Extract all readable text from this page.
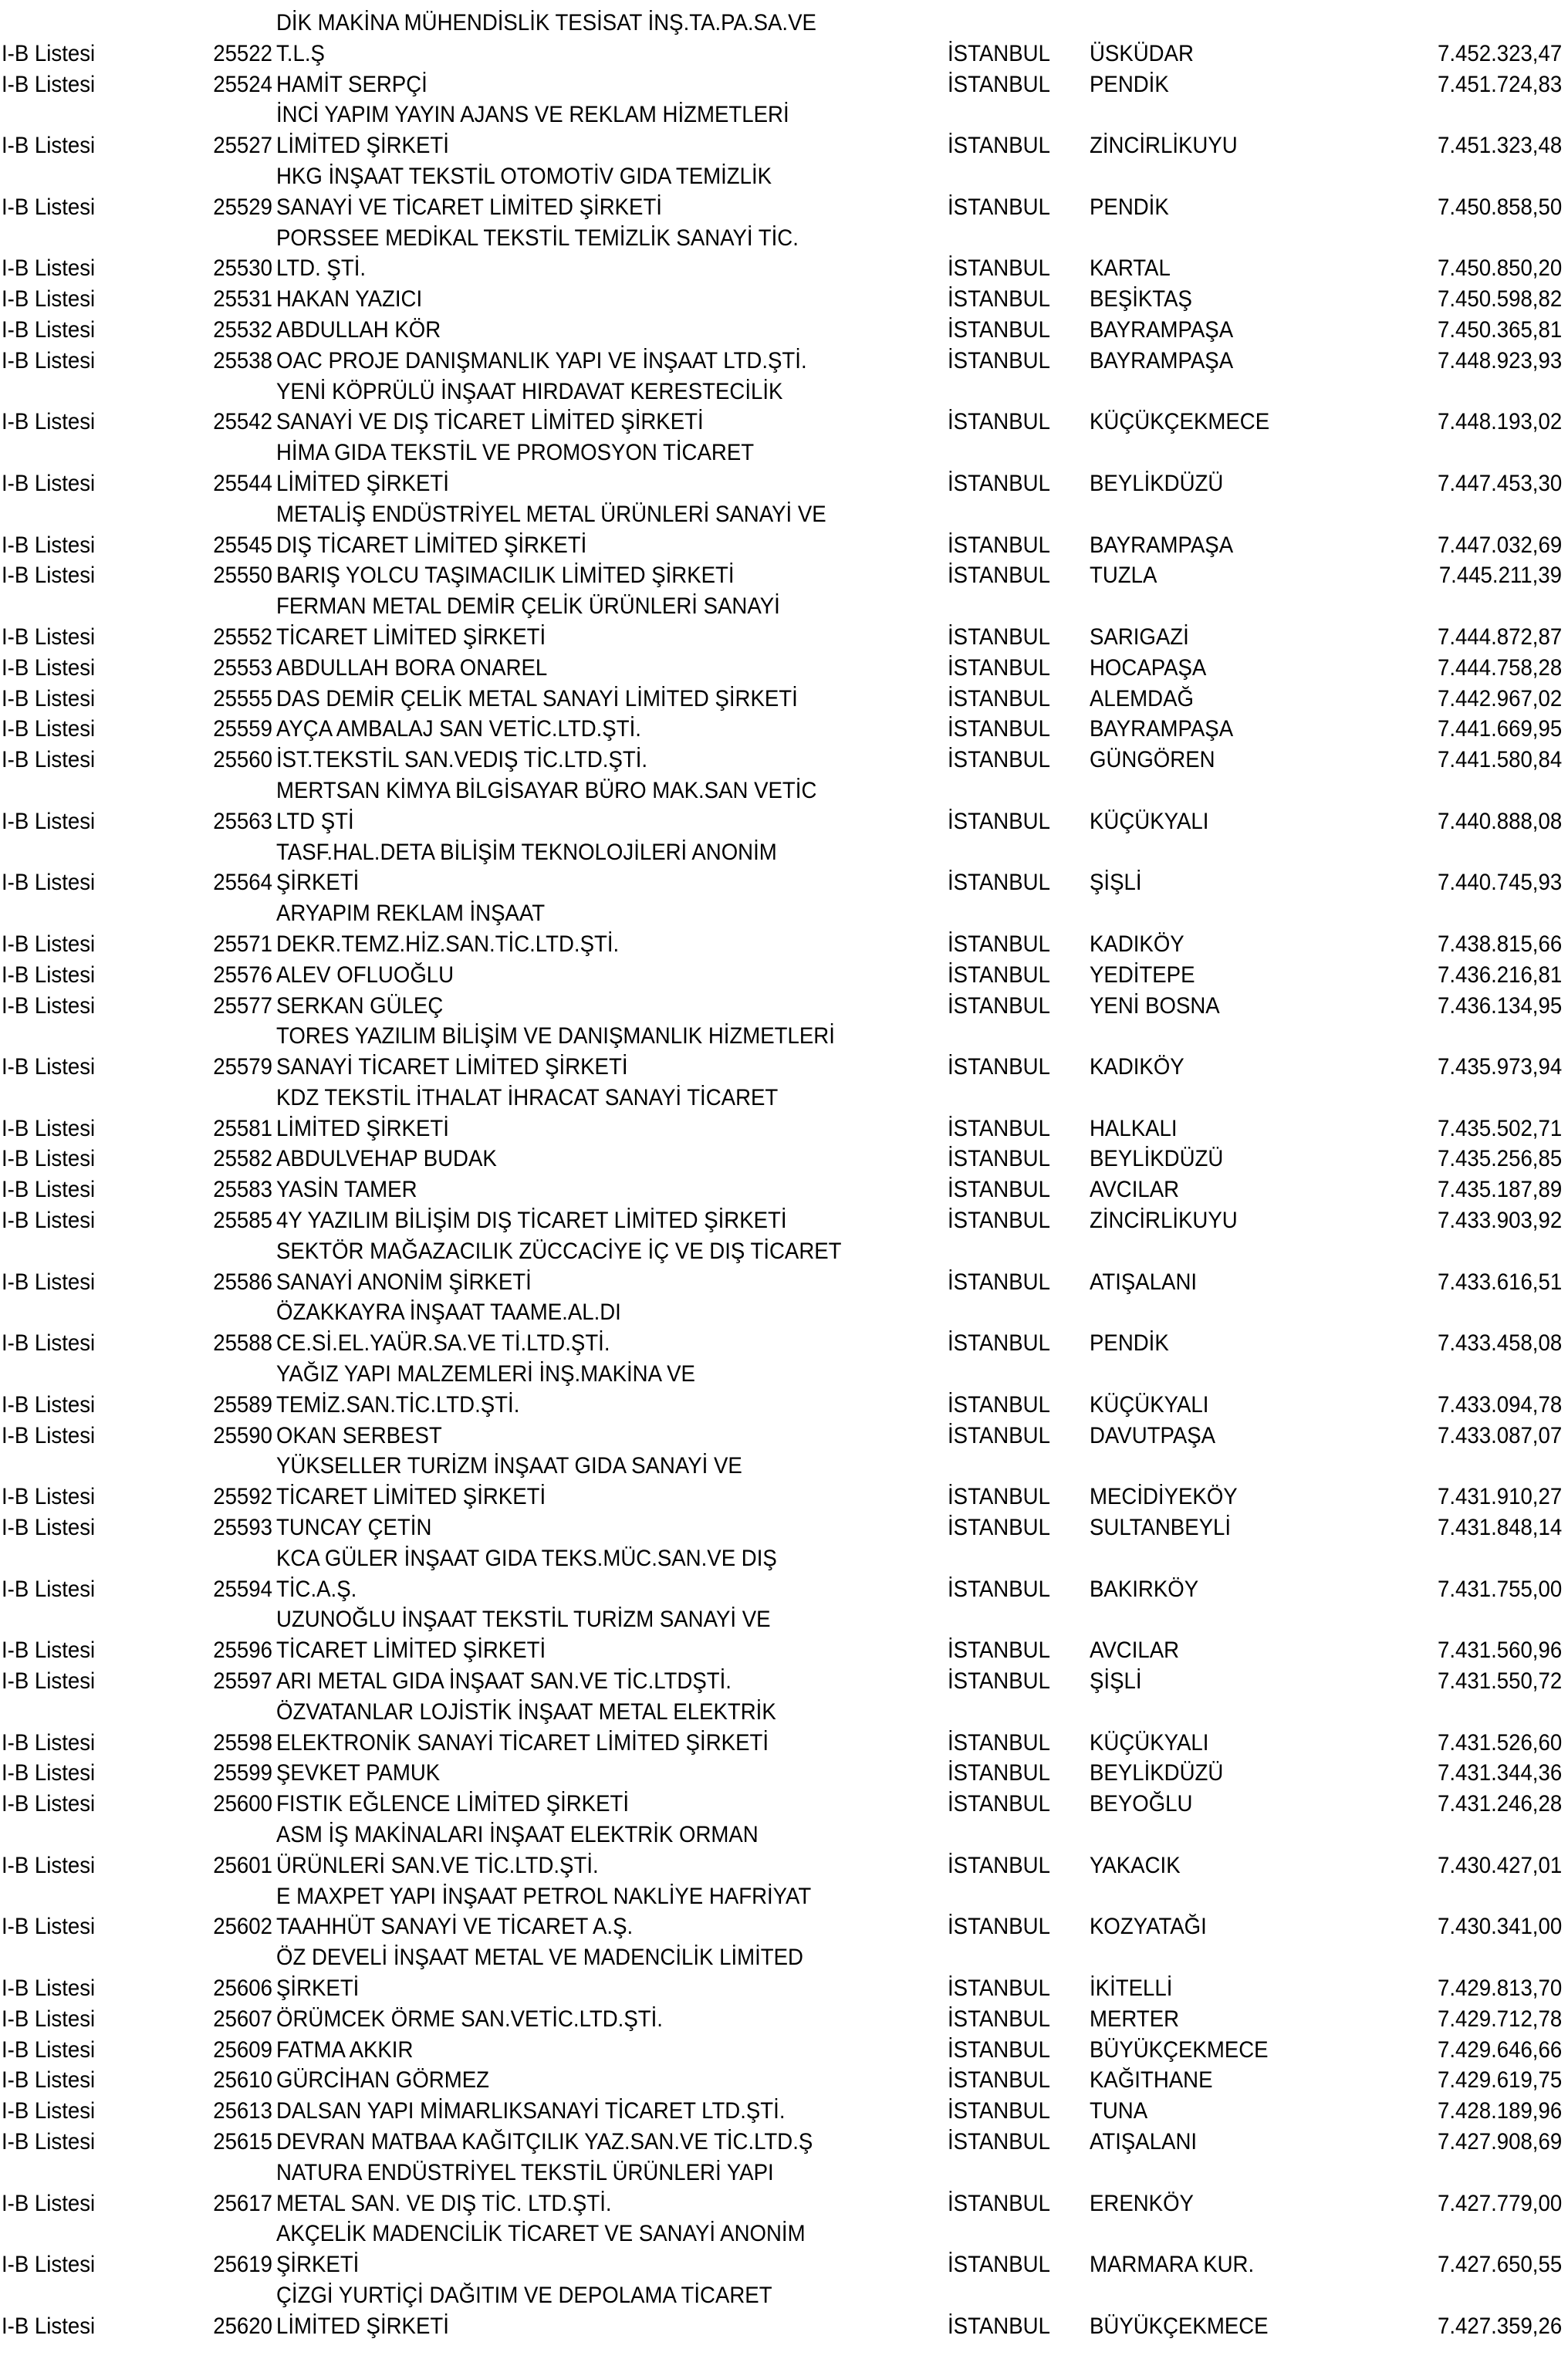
DİK MAKİNA MÜHENDİSLİK TESİSAT İNŞ.TA.PA.SA.VE
I-B Listesi	25522 T.L.Ş	İSTANBUL ÜSKÜDAR	7.452.323,47
I-B Listesi	25524 HAMİT SERPÇİ	İSTANBUL PENDİK	7.451.724,83
İNCİ YAPIM YAYIN AJANS VE REKLAM HİZMETLERİ
I-B Listesi	25527 LİMİTED ŞİRKETİ	İSTANBUL ZİNCİRLİKUYU	7.451.323,48
HKG İNŞAAT TEKSTİL OTOMOTİV GIDA TEMİZLİK
I-B Listesi	25529 SANAYİ VE TİCARET LİMİTED ŞİRKETİ	İSTANBUL PENDİK	7.450.858,50
PORSSEE MEDİKAL TEKSTİL TEMİZLİK SANAYİ TİC.
I-B Listesi	25530 LTD. ŞTİ.	İSTANBUL KARTAL	7.450.850,20
I-B Listesi	25531 HAKAN YAZICI	İSTANBUL BEŞİKTAŞ	7.450.598,82
I-B Listesi	25532 ABDULLAH KÖR	İSTANBUL BAYRAMPAŞA	7.450.365,81
I-B Listesi	25538 OAC PROJE DANIŞMANLIK YAPI VE İNŞAAT LTD.ŞTİ.	İSTANBUL BAYRAMPAŞA	7.448.923,93
YENİ KÖPRÜLÜ İNŞAAT HIRDAVAT KERESTECİLİK
I-B Listesi	25542 SANAYİ VE DIŞ TİCARET LİMİTED ŞİRKETİ	İSTANBUL KÜÇÜKÇEKMECE	7.448.193,02
HİMA GIDA TEKSTİL VE PROMOSYON TİCARET
I-B Listesi	25544 LİMİTED ŞİRKETİ	İSTANBUL BEYLİKDÜZÜ	7.447.453,30
METALİŞ ENDÜSTRİYEL METAL ÜRÜNLERİ SANAYİ VE
I-B Listesi	25545 DIŞ TİCARET LİMİTED ŞİRKETİ	İSTANBUL BAYRAMPAŞA	7.447.032,69
I-B Listesi	25550 BARIŞ YOLCU TAŞIMACILIK LİMİTED ŞİRKETİ	İSTANBUL TUZLA	7.445.211,39
FERMAN METAL DEMİR ÇELİK ÜRÜNLERİ SANAYİ
I-B Listesi	25552 TİCARET LİMİTED ŞİRKETİ	İSTANBUL SARIGAZİ	7.444.872,87
I-B Listesi	25553 ABDULLAH BORA ONAREL	İSTANBUL HOCAPAŞA	7.444.758,28
I-B Listesi	25555 DAS DEMİR ÇELİK METAL SANAYİ LİMİTED ŞİRKETİ	İSTANBUL ALEMDAĞ	7.442.967,02
I-B Listesi	25559 AYÇA AMBALAJ SAN VETİC.LTD.ŞTİ.	İSTANBUL BAYRAMPAŞA	7.441.669,95
I-B Listesi	25560 İST.TEKSTİL SAN.VEDIŞ TİC.LTD.ŞTİ.	İSTANBUL GÜNGÖREN	7.441.580,84
MERTSAN KİMYA BİLGİSAYAR BÜRO MAK.SAN VETİC
I-B Listesi	25563 LTD ŞTİ	İSTANBUL KÜÇÜKYALI	7.440.888,08
TASF.HAL.DETA BİLİŞİM TEKNOLOJİLERİ ANONİM
I-B Listesi	25564 ŞİRKETİ	İSTANBUL ŞİŞLİ	7.440.745,93
ARYAPIM REKLAM İNŞAAT
I-B Listesi	25571 DEKR.TEMZ.HİZ.SAN.TİC.LTD.ŞTİ.	İSTANBUL KADIKÖY	7.438.815,66
I-B Listesi	25576 ALEV OFLUOĞLU	İSTANBUL YEDİTEPE	7.436.216,81
I-B Listesi	25577 SERKAN GÜLEÇ	İSTANBUL YENİ BOSNA	7.436.134,95
TORES YAZILIM BİLİŞİM VE DANIŞMANLIK HİZMETLERİ
I-B Listesi	25579 SANAYİ TİCARET LİMİTED ŞİRKETİ	İSTANBUL KADIKÖY	7.435.973,94
KDZ TEKSTİL İTHALAT İHRACAT SANAYİ TİCARET
I-B Listesi	25581 LİMİTED ŞİRKETİ	İSTANBUL HALKALI	7.435.502,71
I-B Listesi	25582 ABDULVEHAP BUDAK	İSTANBUL BEYLİKDÜZÜ	7.435.256,85
I-B Listesi	25583 YASİN TAMER	İSTANBUL AVCILAR	7.435.187,89
I-B Listesi	25585 4Y YAZILIM BİLİŞİM DIŞ TİCARET LİMİTED ŞİRKETİ	İSTANBUL ZİNCİRLİKUYU	7.433.903,92
SEKTÖR MAĞAZACILIK ZÜCCACİYE İÇ VE DIŞ TİCARET
I-B Listesi	25586 SANAYİ ANONİM ŞİRKETİ	İSTANBUL ATIŞALANI	7.433.616,51
ÖZAKKAYRA İNŞAAT TAAME.AL.DI
I-B Listesi	25588 CE.Sİ.EL.YAÜR.SA.VE Tİ.LTD.ŞTİ.	İSTANBUL PENDİK	7.433.458,08
YAĞIZ YAPI MALZEMLERİ İNŞ.MAKİNA VE
I-B Listesi	25589 TEMİZ.SAN.TİC.LTD.ŞTİ.	İSTANBUL KÜÇÜKYALI	7.433.094,78
I-B Listesi	25590 OKAN SERBEST	İSTANBUL DAVUTPAŞA	7.433.087,07
YÜKSELLER TURİZM İNŞAAT GIDA SANAYİ VE
I-B Listesi	25592 TİCARET LİMİTED ŞİRKETİ	İSTANBUL MECİDİYEKÖY	7.431.910,27
I-B Listesi	25593 TUNCAY ÇETİN	İSTANBUL SULTANBEYLİ	7.431.848,14
KCA GÜLER İNŞAAT GIDA TEKS.MÜC.SAN.VE DIŞ
I-B Listesi	25594 TİC.A.Ş.	İSTANBUL BAKIRKÖY	7.431.755,00
UZUNOĞLU İNŞAAT TEKSTİL TURİZM SANAYİ VE
I-B Listesi	25596 TİCARET LİMİTED ŞİRKETİ	İSTANBUL AVCILAR	7.431.560,96
I-B Listesi	25597 ARI METAL GIDA İNŞAAT SAN.VE TİC.LTDŞTİ.	İSTANBUL ŞİŞLİ	7.431.550,72
ÖZVATANLAR LOJİSTİK İNŞAAT METAL ELEKTRİK
I-B Listesi	25598 ELEKTRONİK SANAYİ TİCARET LİMİTED ŞİRKETİ	İSTANBUL KÜÇÜKYALI	7.431.526,60
I-B Listesi	25599 ŞEVKET PAMUK	İSTANBUL BEYLİKDÜZÜ	7.431.344,36
I-B Listesi	25600 FISTIK EĞLENCE LİMİTED ŞİRKETİ	İSTANBUL BEYOĞLU	7.431.246,28
ASM İŞ MAKİNALARI İNŞAAT ELEKTRİK ORMAN
I-B Listesi	25601 ÜRÜNLERİ SAN.VE TİC.LTD.ŞTİ.	İSTANBUL YAKACIK	7.430.427,01
E MAXPET YAPI İNŞAAT PETROL NAKLİYE HAFRİYAT
I-B Listesi	25602 TAAHHÜT SANAYİ VE TİCARET A.Ş.	İSTANBUL KOZYATAĞI	7.430.341,00
ÖZ DEVELİ İNŞAAT METAL VE MADENCİLİK LİMİTED
I-B Listesi	25606 ŞİRKETİ	İSTANBUL İKİTELLİ	7.429.813,70
I-B Listesi	25607 ÖRÜMCEK ÖRME SAN.VETİC.LTD.ŞTİ.	İSTANBUL MERTER	7.429.712,78
I-B Listesi	25609 FATMA AKKIR	İSTANBUL BÜYÜKÇEKMECE	7.429.646,66
I-B Listesi	25610 GÜRCİHAN GÖRMEZ	İSTANBUL KAĞITHANE	7.429.619,75
I-B Listesi	25613 DALSAN YAPI MİMARLIKSANAYİ TİCARET LTD.ŞTİ.	İSTANBUL TUNA	7.428.189,96
I-B Listesi	25615 DEVRAN MATBAA KAĞITÇILIK YAZ.SAN.VE TİC.LTD.Ş	İSTANBUL ATIŞALANI	7.427.908,69
NATURA ENDÜSTRİYEL TEKSTİL ÜRÜNLERİ YAPI
I-B Listesi	25617 METAL SAN. VE DIŞ TİC. LTD.ŞTİ.	İSTANBUL ERENKÖY	7.427.779,00
AKÇELİK MADENCİLİK TİCARET VE SANAYİ ANONİM
I-B Listesi	25619 ŞİRKETİ	İSTANBUL MARMARA KUR.	7.427.650,55
ÇİZGİ YURTİÇİ DAĞITIM VE DEPOLAMA TİCARET
I-B Listesi	25620 LİMİTED ŞİRKETİ	İSTANBUL BÜYÜKÇEKMECE	7.427.359,26
